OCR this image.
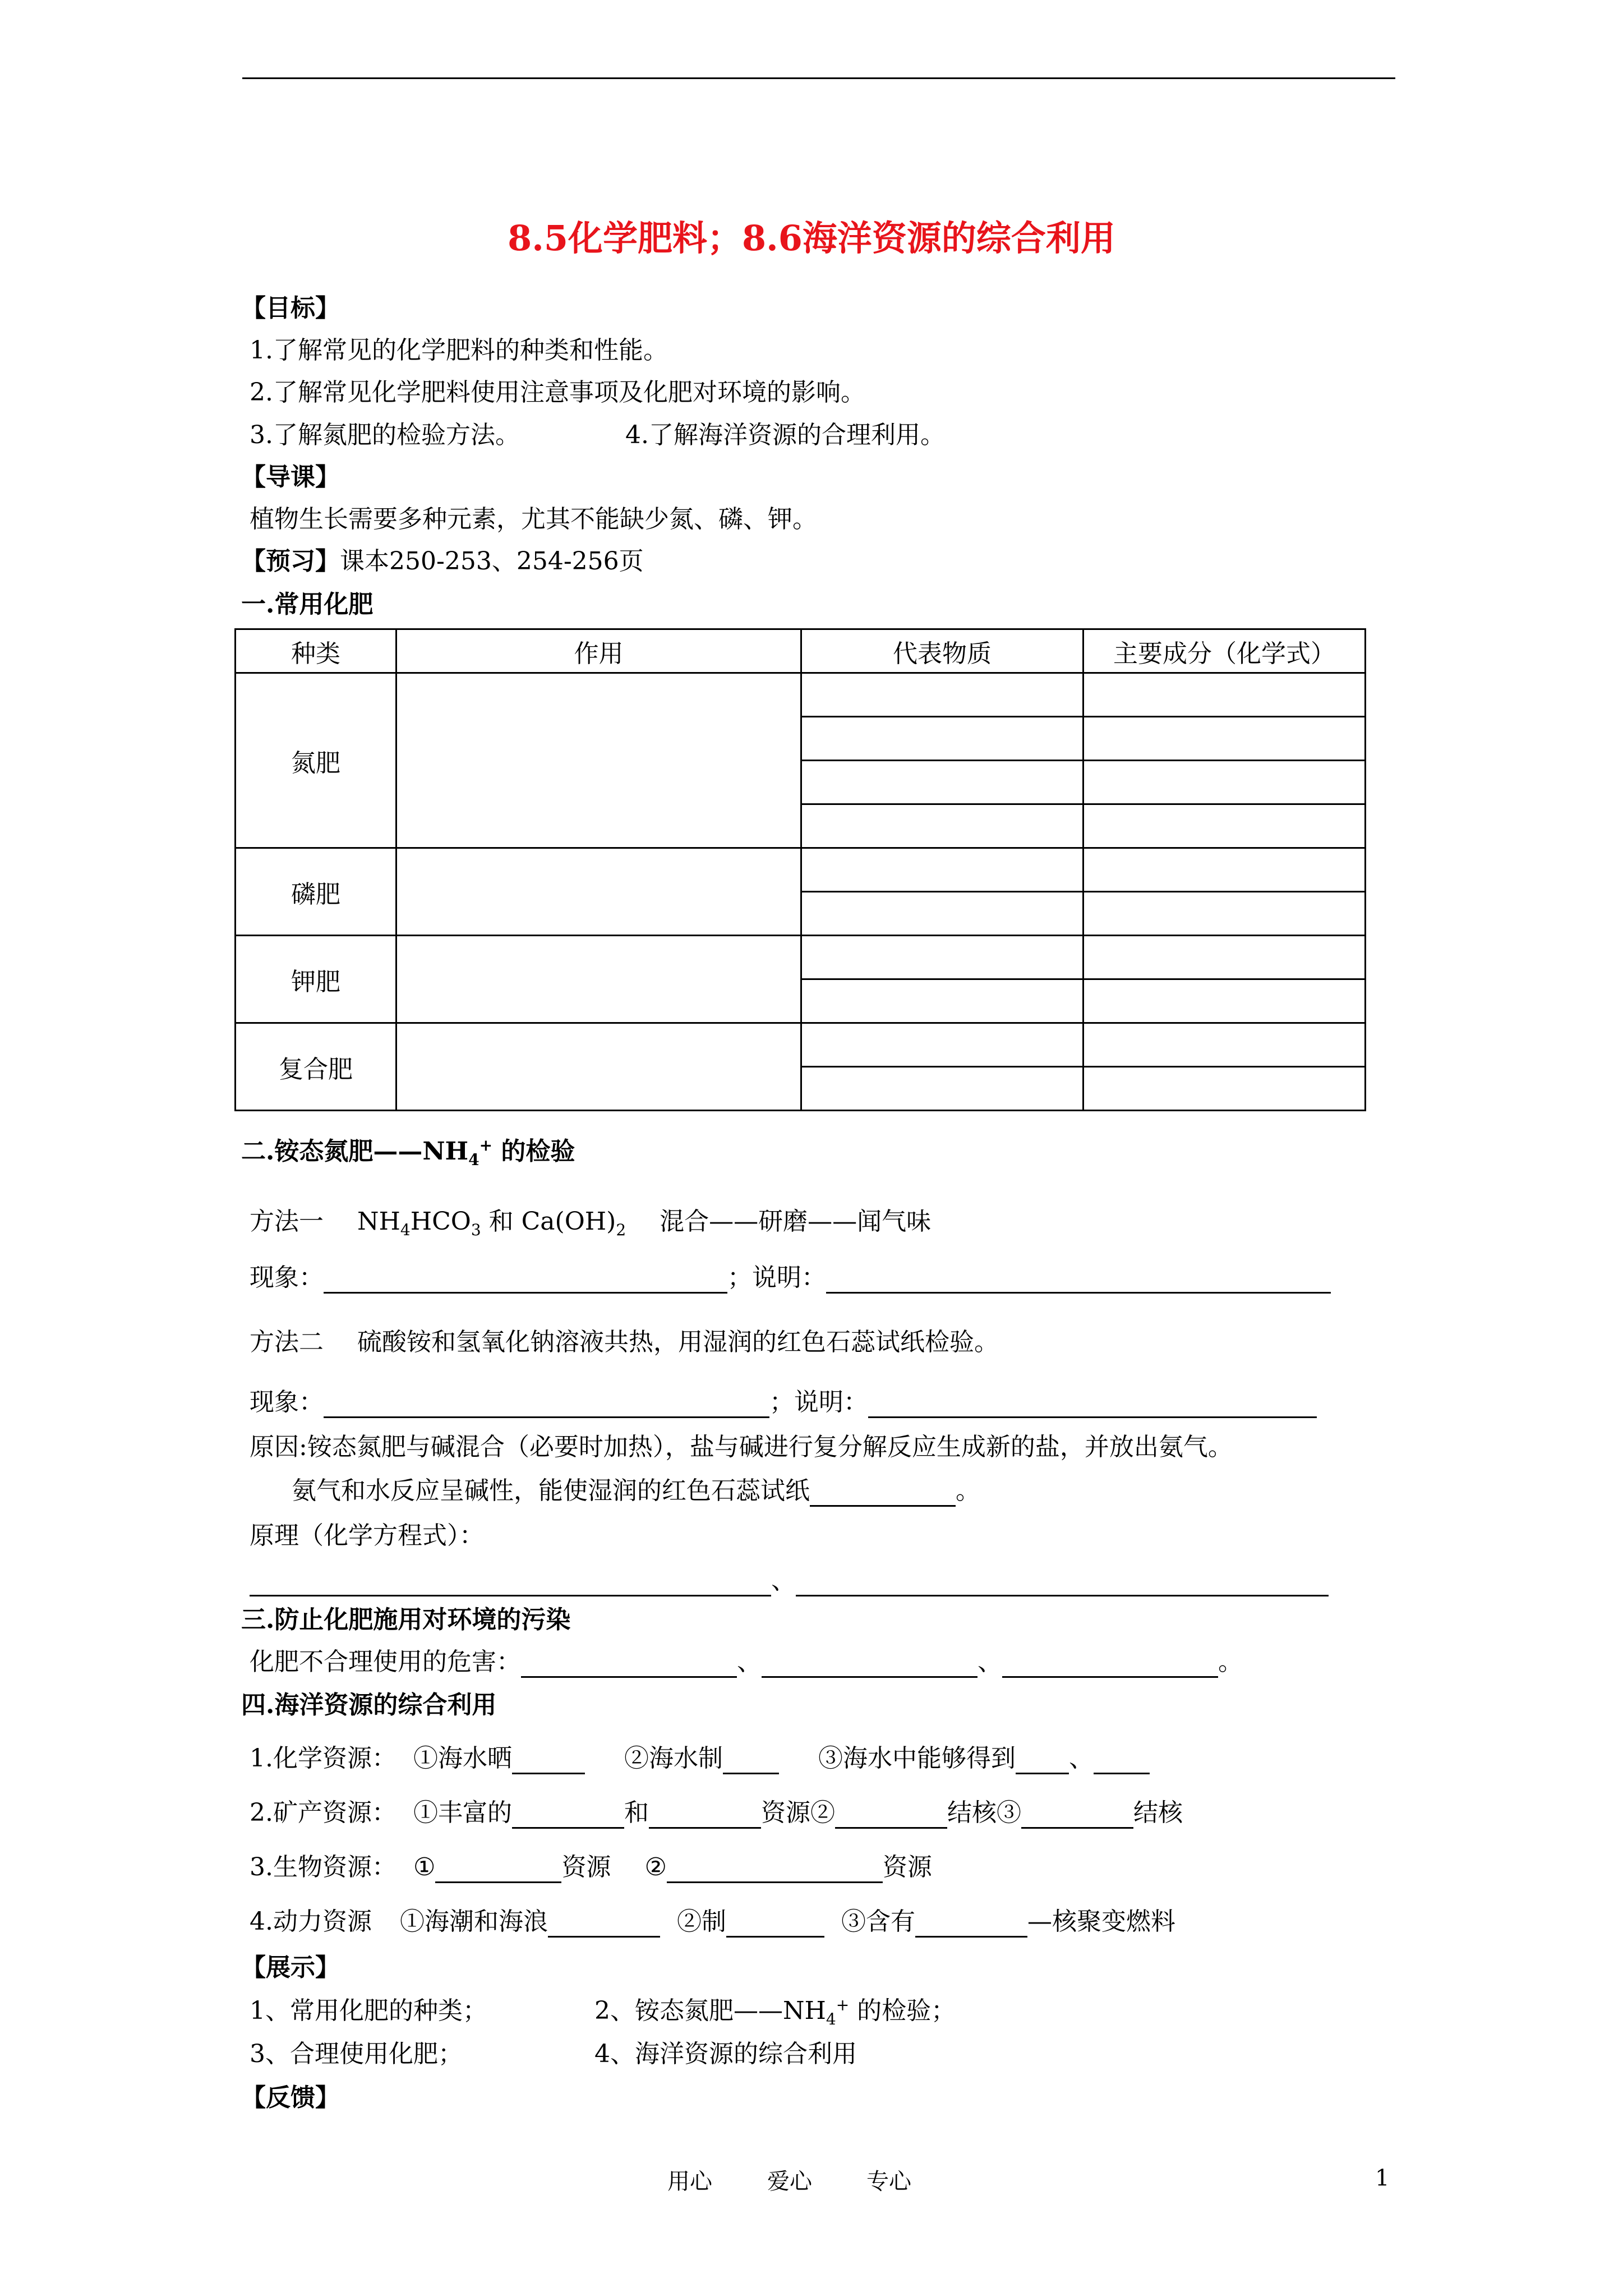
8.5化学肥料；8.6海洋资源的综合利用
【目标】
1.了解常见的化学肥料的种类和性能。
2.了解常见化学肥料使用注意事项及化肥对环境的影响。
3.了解氮肥的检验方法。	4.了解海洋资源的合理利用。
【导课】
植物生长需要多种元素，尤其不能缺少氮、磷、钾。
【预习】课本250-253、254-256页
一.常用化肥
种类	作用	代表物质	主要成分（化学式）
氮肥			

磷肥			

钾肥			

复合肥			

二.铵态氮肥$——NH_4^+$ 的检验
方法一 $NH_4HCO_3$ 和 $Ca(OH)_2$ 混合——研磨——闻气味
现象：	；说明：
方法二 硫酸铵和氢氧化钠溶液共热，用湿润的红色石蕊试纸检验。
现象：	；说明：
原因:铵态氮肥与碱混合（必要时加热），盐与碱进行复分解反应生成新的盐，并放出氨气。
氨气和水反应呈碱性，能使湿润的红色石蕊试纸	。
原理（化学方程式）：
、
三.防止化肥施用对环境的污染
化肥不合理使用的危害：	、	、	。
四.海洋资源的综合利用
1.化学资源： ①海水晒	②海水制	③海水中能够得到 、
2.矿产资源： ①丰富的	和	资源②	结核③	结核
3.生物资源： ①	资源 ②	资源
4.动力资源 ①海潮和海浪	②制	③含有	—核聚变燃料
【展示】
1、常用化肥的种类；	2、铵态氮肥$——NH_4^+$ 的检验；
3、合理使用化肥；	4、海洋资源的综合利用
【反馈】
用心 爱心 专心	1
